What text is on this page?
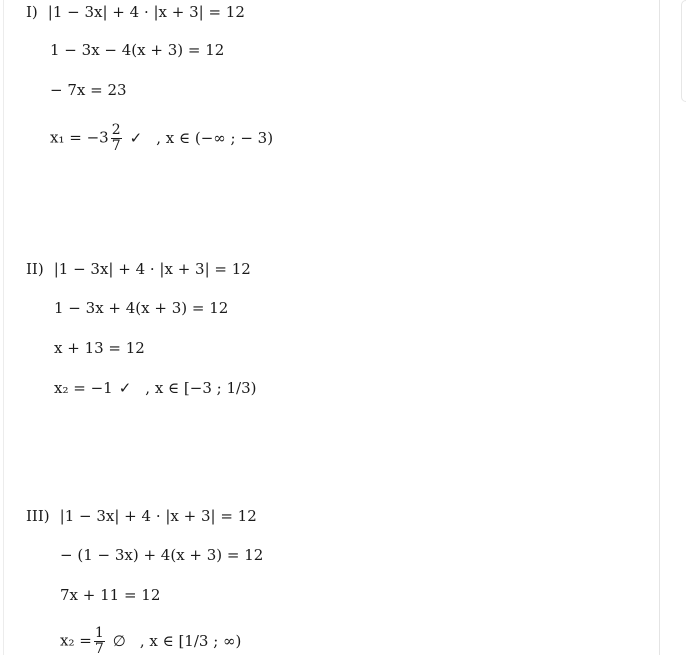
I) |1 − 3x| + 4 · |x + 3| = 12
1 − 3x − 4(x + 3) = 12
− 7x = 23
$x_1 = -3 \frac{2}{7}$ ✓ , x ∈ (−∞ ; − 3)
II) |1 − 3x| + 4 · |x + 3| = 12
1 − 3x + 4(x + 3) = 12
x + 13 = 12
x₂ = −1 ✓ , x ∈ [−3 ; 1/3)
III) |1 − 3x| + 4 · |x + 3| = 12
− (1 − 3x) + 4(x + 3) = 12
7x + 11 = 12
$x_2 = \frac{1}{7}$ ∅ , x ∈ [1/3 ; ∞)
